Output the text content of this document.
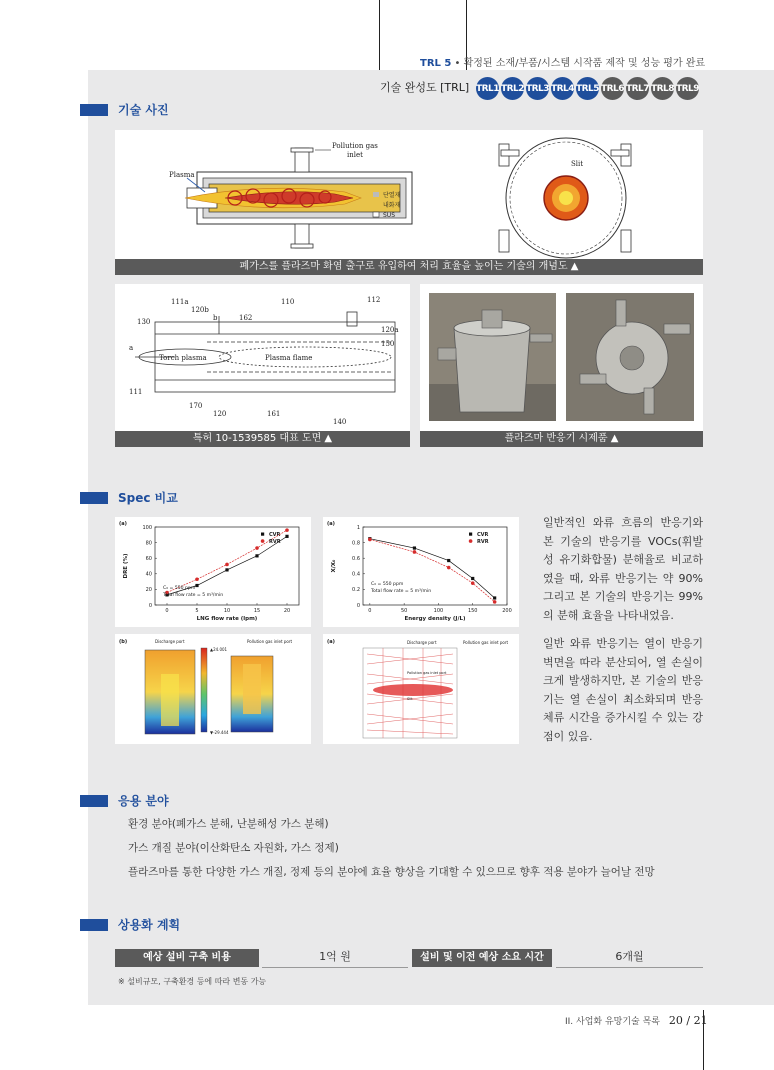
TRL 5 • 확정된 소재/부품/시스템 시작품 제작 및 성능 평가 완료
기술 완성도 [TRL] TRL1 TRL2 TRL3 TRL4 TRL5 TRL6 TRL7 TRL8 TRL9
기술 사진
Pollution gas
inlet
Plasma
단열재
내화재
SUS
Slit
폐가스를 플라즈마 화염 출구로 유입하여 처리 효율을 높이는 기술의 개념도 ▲
111a
120b
b
110	112
130	162
120a
a	150
111
170
120	161
140
Torch plasma	Plasma flame
특허 10-1539585 대표 도면 ▲	플라즈마 반응기 시제품 ▲
Spec 비교
(a)
0	5	10	15	20
0
20
40
60
80
100
LNG flow rate (lpm)
DRE (%)
CVR
RVR
C₀ = 550 ppm
Total flow rate = 5 m³/min
(a)
0	50	100	150	200
0
0.2
0.4
0.6
0.8
1
Energy density (J/L)
X/X₀
CVR
RVR
C₀ = 550 ppm
Total flow rate = 5 m³/min
(b)	Discharge port
▲24.001
▼-29.444
Pollution gas inlet port	(a)	Discharge port	Pollution gas inlet port
Pollution gas inlet port
Slit
일반적인 와류 흐름의 반응기와 본 기술의 반응기를 VOCs(휘발성 유기화합물) 분해율로 비교하였을 때, 와류 반응기는 약 90% 그리고 본 기술의 반응기는 99%의 분해 효율을 나타내었음.
일반 와류 반응기는 열이 반응기 벽면을 따라 분산되어, 열 손실이 크게 발생하지만, 본 기술의 반응기는 열 손실이 최소화되며 반응 체류 시간을 증가시킬 수 있는 강점이 있음.
응용 분야
환경 분야(폐가스 분해, 난분해성 가스 분해)
가스 개질 분야(이산화탄소 자원화, 가스 정제)
플라즈마를 통한 다양한 가스 개질, 정제 등의 분야에 효율 향상을 기대할 수 있으므로 향후 적용 분야가 늘어날 전망
상용화 계획
예상 설비 구축 비용	1억 원	설비 및 이전 예상 소요 시간	6개월
※ 설비규모, 구축환경 등에 따라 변동 가능
II. 사업화 유망기술 목록 20 / 21
